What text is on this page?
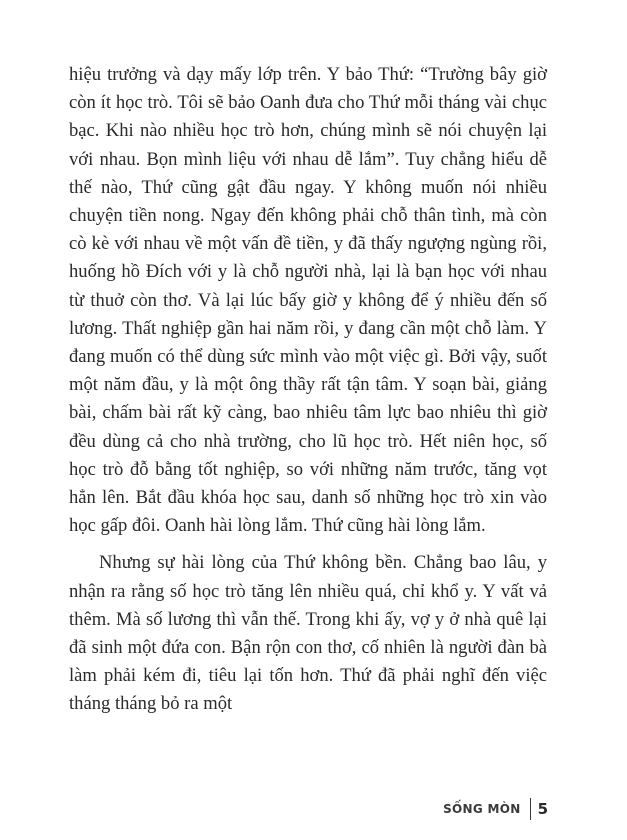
hiệu trưởng và dạy mấy lớp trên. Y bảo Thứ: “Trường bây giờ còn ít học trò. Tôi sẽ bảo Oanh đưa cho Thứ mỗi tháng vài chục bạc. Khi nào nhiều học trò hơn, chúng mình sẽ nói chuyện lại với nhau. Bọn mình liệu với nhau dễ lắm”. Tuy chẳng hiểu dễ thế nào, Thứ cũng gật đầu ngay. Y không muốn nói nhiều chuyện tiền nong. Ngay đến không phải chỗ thân tình, mà còn cò kè với nhau về một vấn đề tiền, y đã thấy ngượng ngùng rồi, huống hồ Đích với y là chỗ người nhà, lại là bạn học với nhau từ thuở còn thơ. Và lại lúc bấy giờ y không để ý nhiều đến số lương. Thất nghiệp gần hai năm rồi, y đang cần một chỗ làm. Y đang muốn có thể dùng sức mình vào một việc gì. Bởi vậy, suốt một năm đầu, y là một ông thầy rất tận tâm. Y soạn bài, giảng bài, chấm bài rất kỹ càng, bao nhiêu tâm lực bao nhiêu thì giờ đều dùng cả cho nhà trường, cho lũ học trò. Hết niên học, số học trò đỗ bằng tốt nghiệp, so với những năm trước, tăng vọt hẳn lên. Bắt đầu khóa học sau, danh số những học trò xin vào học gấp đôi. Oanh hài lòng lắm. Thứ cũng hài lòng lắm.

Nhưng sự hài lòng của Thứ không bền. Chẳng bao lâu, y nhận ra rằng số học trò tăng lên nhiều quá, chỉ khổ y. Y vất vả thêm. Mà số lương thì vẫn thế. Trong khi ấy, vợ y ở nhà quê lại đã sinh một đứa con. Bận rộn con thơ, cố nhiên là người đàn bà làm phải kém đi, tiêu lại tốn hơn. Thứ đã phải nghĩ đến việc tháng tháng bỏ ra một

SỐNG MÒN 5
